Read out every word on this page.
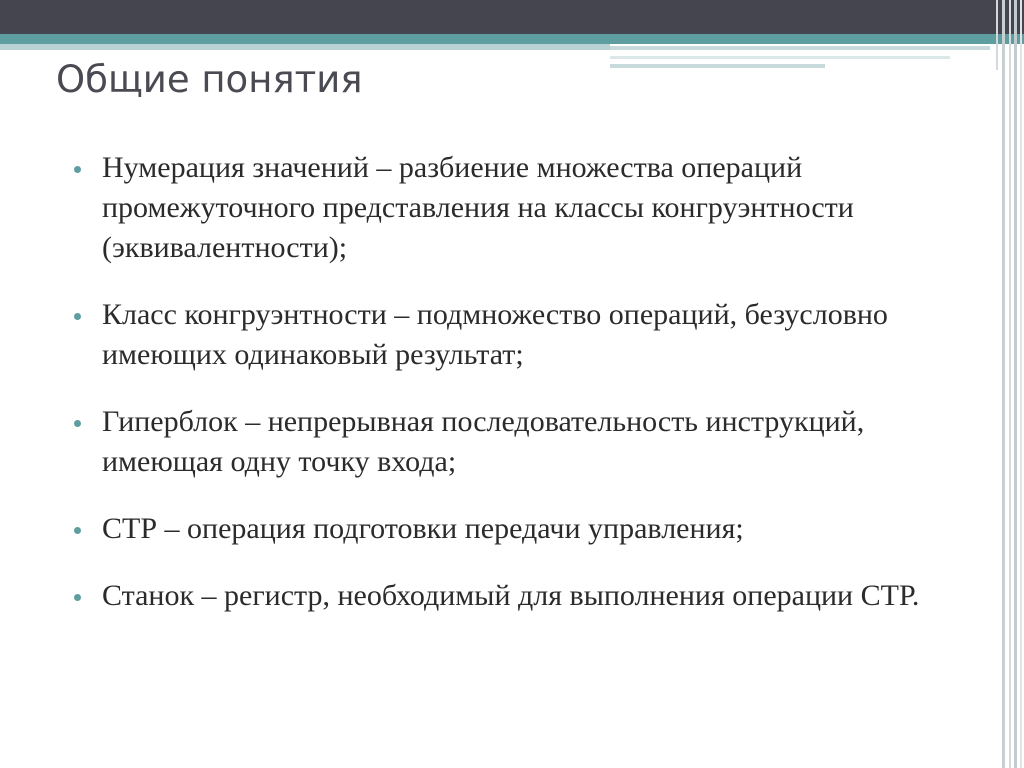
Общие понятия
Нумерация значений – разбиение множества операций промежуточного представления на классы конгруэнтности (эквивалентности);
Класс конгруэнтности – подмножество операций, безусловно имеющих одинаковый результат;
Гиперблок – непрерывная последовательность инструкций, имеющая одну точку входа;
СТР – операция подготовки передачи управления;
Станок – регистр, необходимый для выполнения операции СТР.
